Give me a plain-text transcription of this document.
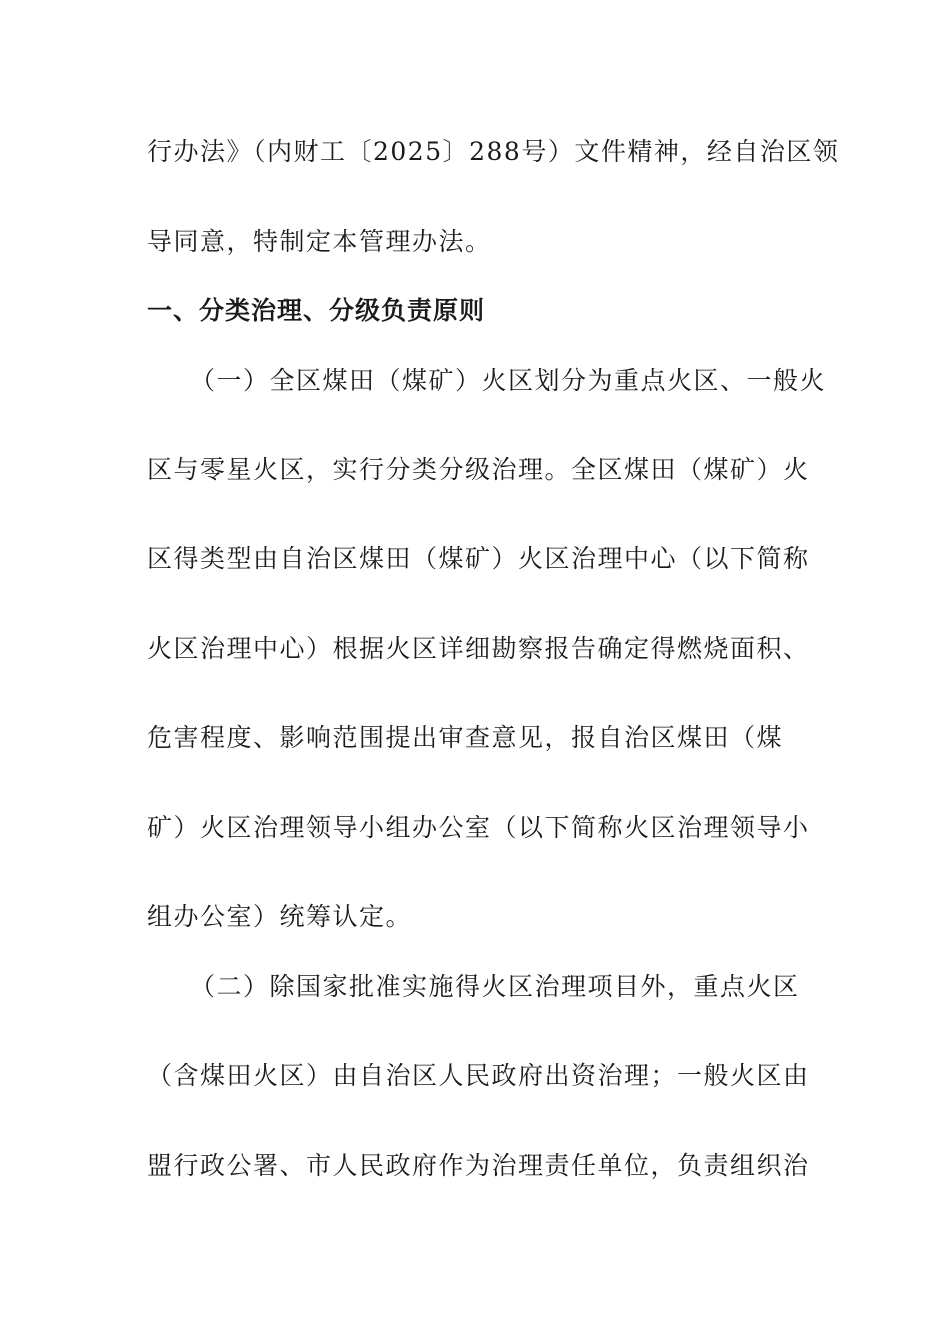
行办法》（内财工〔2025〕288号）文件精神，经自治区领
导同意，特制定本管理办法。
一、分类治理、分级负责原则
（一）全区煤田（煤矿）火区划分为重点火区、一般火
区与零星火区，实行分类分级治理。全区煤田（煤矿）火
区得类型由自治区煤田（煤矿）火区治理中心（以下简称
火区治理中心）根据火区详细勘察报告确定得燃烧面积、
危害程度、影响范围提出审查意见，报自治区煤田（煤
矿）火区治理领导小组办公室（以下简称火区治理领导小
组办公室）统筹认定。
（二）除国家批准实施得火区治理项目外，重点火区
（含煤田火区）由自治区人民政府出资治理；一般火区由
盟行政公署、市人民政府作为治理责任单位，负责组织治
